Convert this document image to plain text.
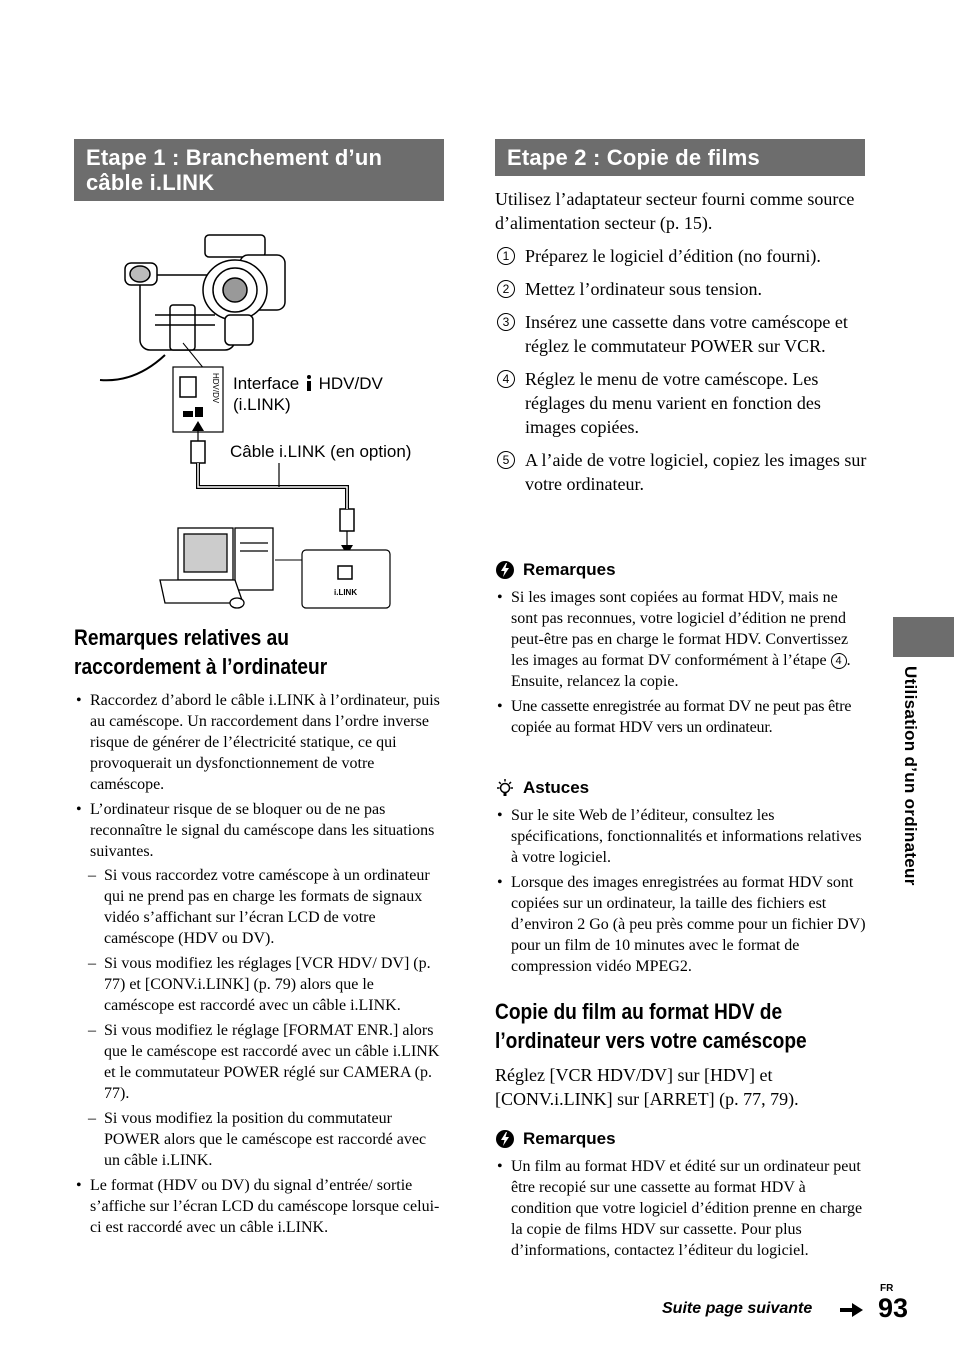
Etape 1 : Branchement d’un câble i.LINK
Etape 2 : Copie de films
HDV/DV
i.LINK
Interface HDV/DV
(i.LINK)
Câble i.LINK (en option)
Remarques relatives au raccordement à l’ordinateur
• Raccordez d’abord le câble i.LINK à l’ordinateur, puis au caméscope. Un raccordement dans l’ordre inverse risque de générer de l’électricité statique, ce qui provoquerait un dysfonctionnement de votre caméscope.
• L’ordinateur risque de se bloquer ou de ne pas reconnaître le signal du caméscope dans les situations suivantes.
– Si vous raccordez votre caméscope à un ordinateur qui ne prend pas en charge les formats de signaux vidéo s’affichant sur l’écran LCD de votre caméscope (HDV ou DV).
– Si vous modifiez les réglages [VCR HDV/ DV] (p. 77) et [CONV.i.LINK] (p. 79) alors que le caméscope est raccordé avec un câble i.LINK.
– Si vous modifiez le réglage [FORMAT ENR.] alors que le caméscope est raccordé avec un câble i.LINK et le commutateur POWER réglé sur CAMERA (p. 77).
– Si vous modifiez la position du commutateur POWER alors que le caméscope est raccordé avec un câble i.LINK.
• Le format (HDV ou DV) du signal d’entrée/ sortie s’affiche sur l’écran LCD du caméscope lorsque celui-ci est raccordé avec un câble i.LINK.
Utilisez l’adaptateur secteur fourni comme source d’alimentation secteur (p. 15).
1 Préparez le logiciel d’édition (no fourni).
2 Mettez l’ordinateur sous tension.
3 Insérez une cassette dans votre caméscope et réglez le commutateur POWER sur VCR.
4 Réglez le menu de votre caméscope. Les réglages du menu varient en fonction des images copiées.
5 A l’aide de votre logiciel, copiez les images sur votre ordinateur.
Remarques
• Si les images sont copiées au format HDV, mais ne sont pas reconnues, votre logiciel d’édition ne prend peut-être pas en charge le format HDV. Convertissez les images au format DV conformément à l’étape 4 . Ensuite, relancez la copie.
• Une cassette enregistrée au format DV ne peut pas être copiée au format HDV vers un ordinateur.
Astuces
• Sur le site Web de l’éditeur, consultez les spécifications, fonctionnalités et informations relatives à votre logiciel.
• Lorsque des images enregistrées au format HDV sont copiées sur un ordinateur, la taille des fichiers est d’environ 2 Go (à peu près comme pour un fichier DV) pour un film de 10 minutes avec le format de compression vidéo MPEG2.
Copie du film au format HDV de l’ordinateur vers votre caméscope
Réglez [VCR HDV/DV] sur [HDV] et [CONV.i.LINK] sur [ARRET] (p. 77, 79).
Remarques
• Un film au format HDV et édité sur un ordinateur peut être recopié sur une cassette au format HDV à condition que votre logiciel d’édition prenne en charge la copie de films HDV sur cassette. Pour plus d’informations, contactez l’éditeur du logiciel.
Utilisation d’un ordinateur
Suite page suivante
FR
93
